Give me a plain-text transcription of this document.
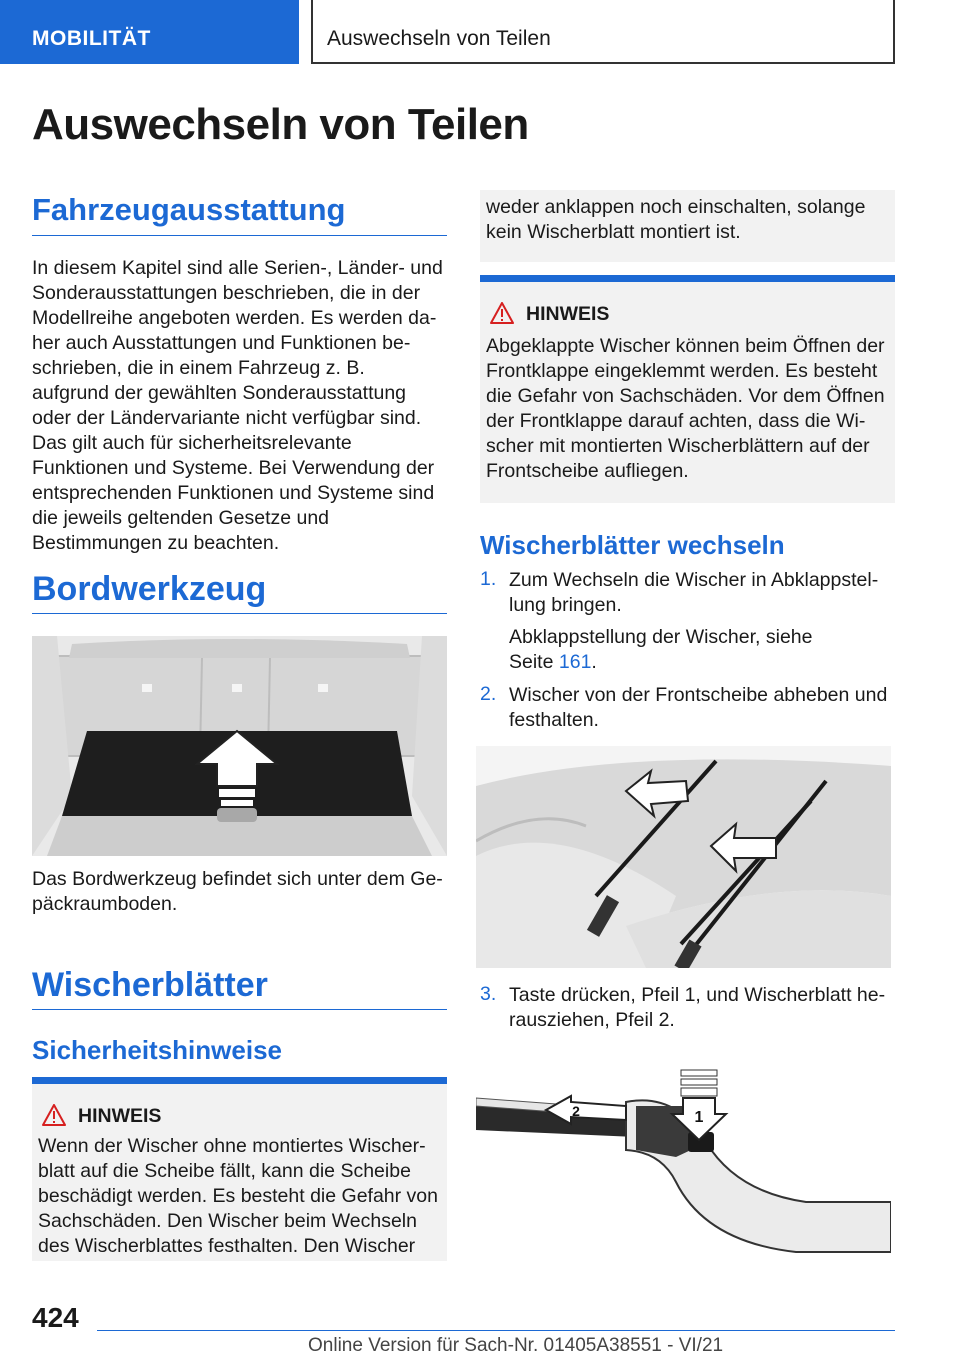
MOBILITÄT	Auswechseln von Teilen
Auswechseln von Teilen
Fahrzeugausstattung

In diesem Kapitel sind alle Serien-, Länder- und Sonderausstattungen beschrieben, die in der Modellreihe angeboten werden. Es werden daher auch Ausstattungen und Funktionen beschrieben, die in einem Fahrzeug z. B. aufgrund der gewählten Sonderausstattung oder der Ländervariante nicht verfügbar sind. Das gilt auch für sicherheitsrelevante Funktionen und Systeme. Bei Verwendung der entsprechenden Funktionen und Systeme sind die jeweils geltenden Gesetze und Bestimmungen zu beachten.

Bordwerkzeug

Das Bordwerkzeug befindet sich unter dem Gepäckraumboden.

Wischerblätter
Sicherheitshinweise
HINWEIS

Wenn der Wischer ohne montiertes Wischerblatt auf die Scheibe fällt, kann die Scheibe beschädigt werden. Es besteht die Gefahr von Sachschäden. Den Wischer beim Wechseln des Wischerblattes festhalten. Den Wischer

weder anklappen noch einschalten, solange kein Wischerblatt montiert ist.

HINWEIS

Abgeklappte Wischer können beim Öffnen der Frontklappe eingeklemmt werden. Es besteht die Gefahr von Sachschäden. Vor dem Öffnen der Frontklappe darauf achten, dass die Wischer mit montierten Wischerblättern auf der Frontscheibe aufliegen.

Wischerblätter wechseln
1. Zum Wechseln die Wischer in Abklappstellung bringen.

Abklappstellung der Wischer, siehe
Seite 161.

2. Wischer von der Frontscheibe abheben und festhalten.

3. Taste drücken, Pfeil 1, und Wischerblatt herausziehen, Pfeil 2.

1
2
424
Online Version für Sach-Nr. 01405A38551 - VI/21
